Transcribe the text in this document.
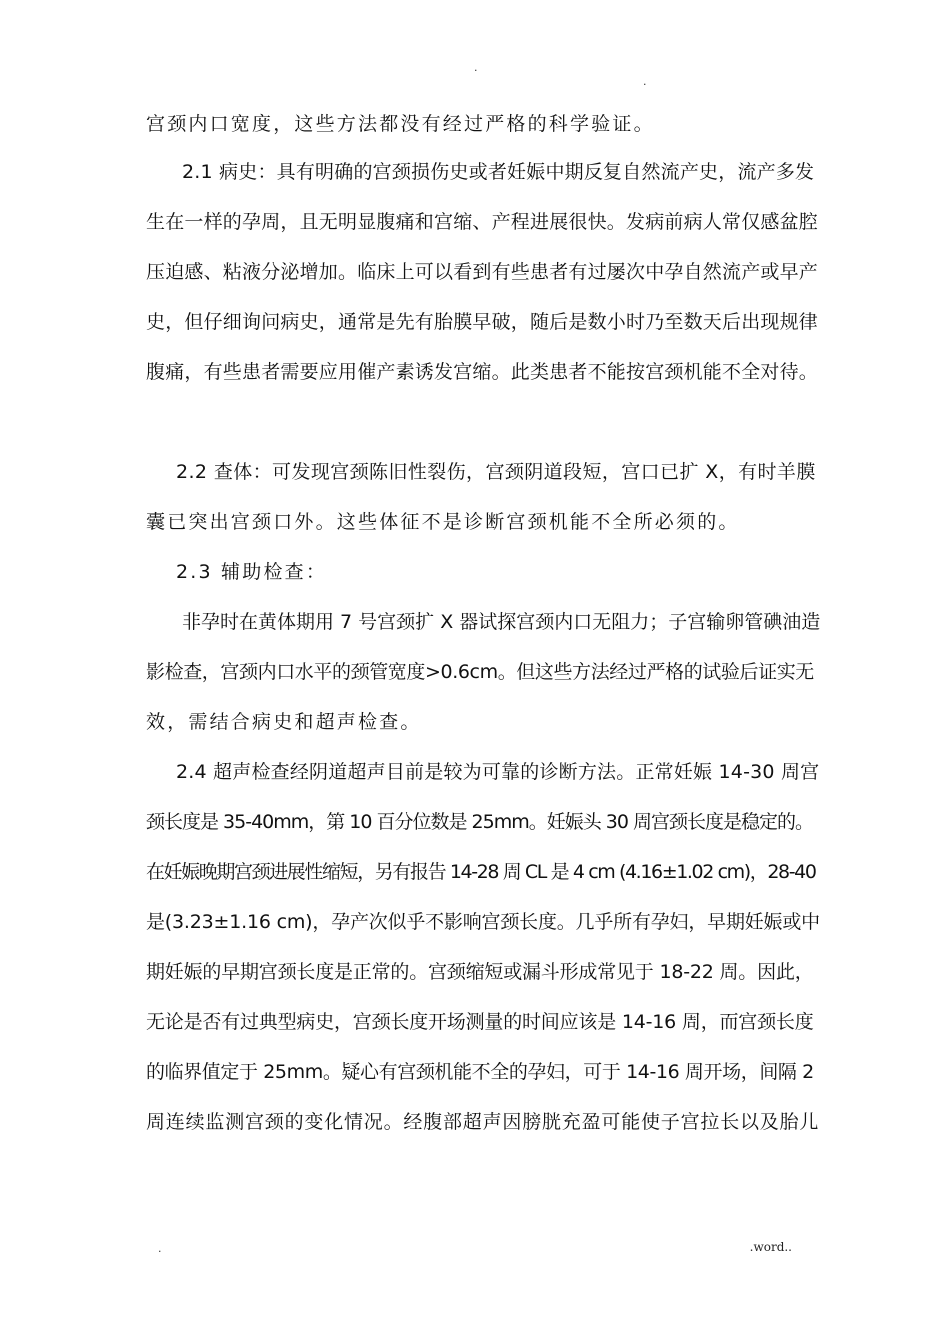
.
.
宫颈内口宽度，这些方法都没有经过严格的科学验证。
2.1 病史：具有明确的宫颈损伤史或者妊娠中期反复自然流产史，流产多发
生在一样的孕周，且无明显腹痛和宫缩、产程进展很快。发病前病人常仅感盆腔
压迫感、粘液分泌增加。临床上可以看到有些患者有过屡次中孕自然流产或早产
史，但仔细询问病史，通常是先有胎膜早破，随后是数小时乃至数天后出现规律
腹痛，有些患者需要应用催产素诱发宫缩。此类患者不能按宫颈机能不全对待。
2.2 查体：可发现宫颈陈旧性裂伤，宫颈阴道段短，宫口已扩 X，有时羊膜
囊已突出宫颈口外。这些体征不是诊断宫颈机能不全所必须的。
2.3 辅助检查：
非孕时在黄体期用 7 号宫颈扩 X 器试探宫颈内口无阻力；子宫输卵管碘油造
影检查，宫颈内口水平的颈管宽度>0.6cm。但这些方法经过严格的试验后证实无
效，需结合病史和超声检查。
2.4 超声检查经阴道超声目前是较为可靠的诊断方法。正常妊娠 14-30 周宫
颈长度是 35-40mm，第 10 百分位数是 25mm。妊娠头 30 周宫颈长度是稳定的。
在妊娠晚期宫颈进展性缩短，另有报告 14-28 周 CL 是 4 cm (4.16±1.02 cm)，28-40
是(3.23±1.16 cm)，孕产次似乎不影响宫颈长度。几乎所有孕妇，早期妊娠或中
期妊娠的早期宫颈长度是正常的。宫颈缩短或漏斗形成常见于 18-22 周。因此，
无论是否有过典型病史，宫颈长度开场测量的时间应该是 14-16 周，而宫颈长度
的临界值定于 25mm。疑心有宫颈机能不全的孕妇，可于 14-16 周开场，间隔 2
周连续监测宫颈的变化情况。经腹部超声因膀胱充盈可能使子宫拉长以及胎儿
.	.word..
